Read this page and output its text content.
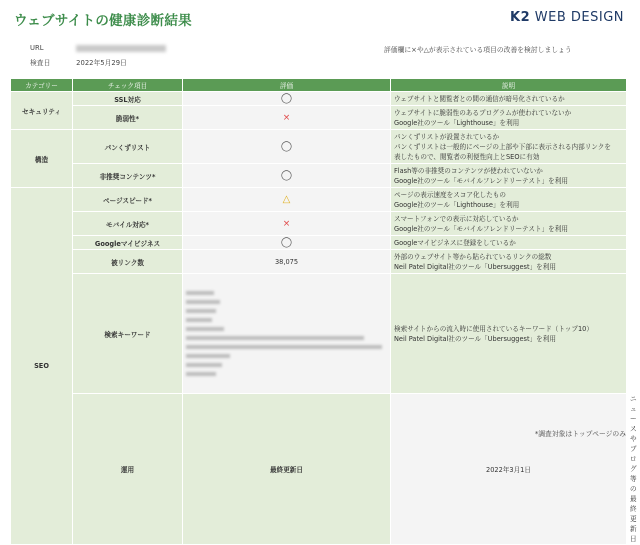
ウェブサイトの健康診断結果	K2 WEB DESIGN
URL
検査日	2022年5月29日
評価欄に×や△が表示されている項目の改善を検討しましょう
カテゴリー	チェック項目	評価	説明	
セキュリティ	SSL対応	◯	ウェブサイトと閲覧者との間の通信が暗号化されているか	

	脆弱性*	×	ウェブサイトに脆弱性のあるプログラムが使われていないか
Google社のツール「Lighthouse」を利用	

構造	パンくずリスト	◯	パンくずリストが設置されているか
パンくずリストは一般的にページの上部や下部に表示される内部リンクを
表したもので、閲覧者の利便性向上とSEOに有効	

	非推奨コンテンツ*	◯	Flash等の非推奨のコンテンツが使われていないか
Google社のツール「モバイルフレンドリーテスト」を利用	

SEO	ページスピード*	△	ページの表示速度をスコア化したもの
Google社のツール「Lighthouse」を利用	

	モバイル対応*	×	スマートフォンでの表示に対応しているか
Google社のツール「モバイルフレンドリーテスト」を利用	

	Googleマイビジネス	◯	Googleマイビジネスに登録をしているか	

	被リンク数	38,075	外部のウェブサイト等から貼られているリンクの総数
Neil Patel Digital社のツール「Ubersuggest」を利用	

	検索キーワード		検索サイトからの流入時に使用されているキーワード（トップ10）
Neil Patel Digital社のツール「Ubersuggest」を利用	

	運用	最終更新日	2022年3月1日	ニュースやブログ等の最終更新日
*調査対象はトップページのみ
